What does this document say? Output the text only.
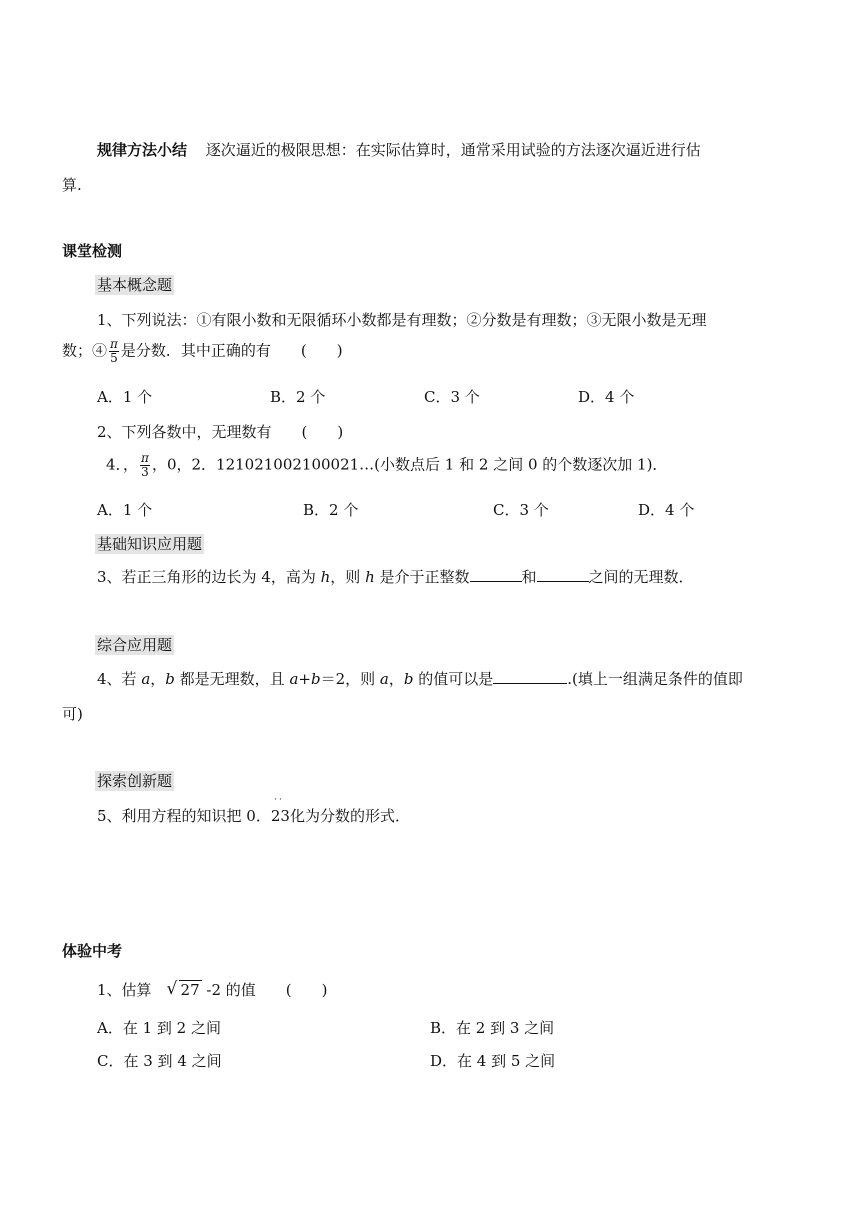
规律方法小结 逐次逼近的极限思想：在实际估算时，通常采用试验的方法逐次逼近进行估
算.
课堂检测
基本概念题
1、下列说法：①有限小数和无限循环小数都是有理数；②分数是有理数；③无限小数是无理
数；④ $\frac{\pi}{5}$ 是分数．其中正确的有　　(　　)
A．1 个	B．2 个	C．3 个	D．4 个
2、下列各数中，无理数有　　(　　)
4．， $\frac{\pi}{3}$ ，0，2．121021002100021…(小数点后 1 和 2 之间 0 的个数逐次加 1)．
A．1 个	B．2 个	C．3 个	D．4 个
基础知识应用题
3、若正三角形的边长为 4，高为 h，则 h 是介于正整数	和	之间的无理数．
综合应用题
4、若 a，b 都是无理数，且 a+b＝2，则 a，b 的值可以是	.(填上一组满足条件的值即
可)
探索创新题
5、利用方程的知识把 0．
˙˙
23化为分数的形式．
体验中考
1、估算　 √ 27 -2 的值　　(　　)
A．在 1 到 2 之间	B．在 2 到 3 之间
C．在 3 到 4 之间	D．在 4 到 5 之间
